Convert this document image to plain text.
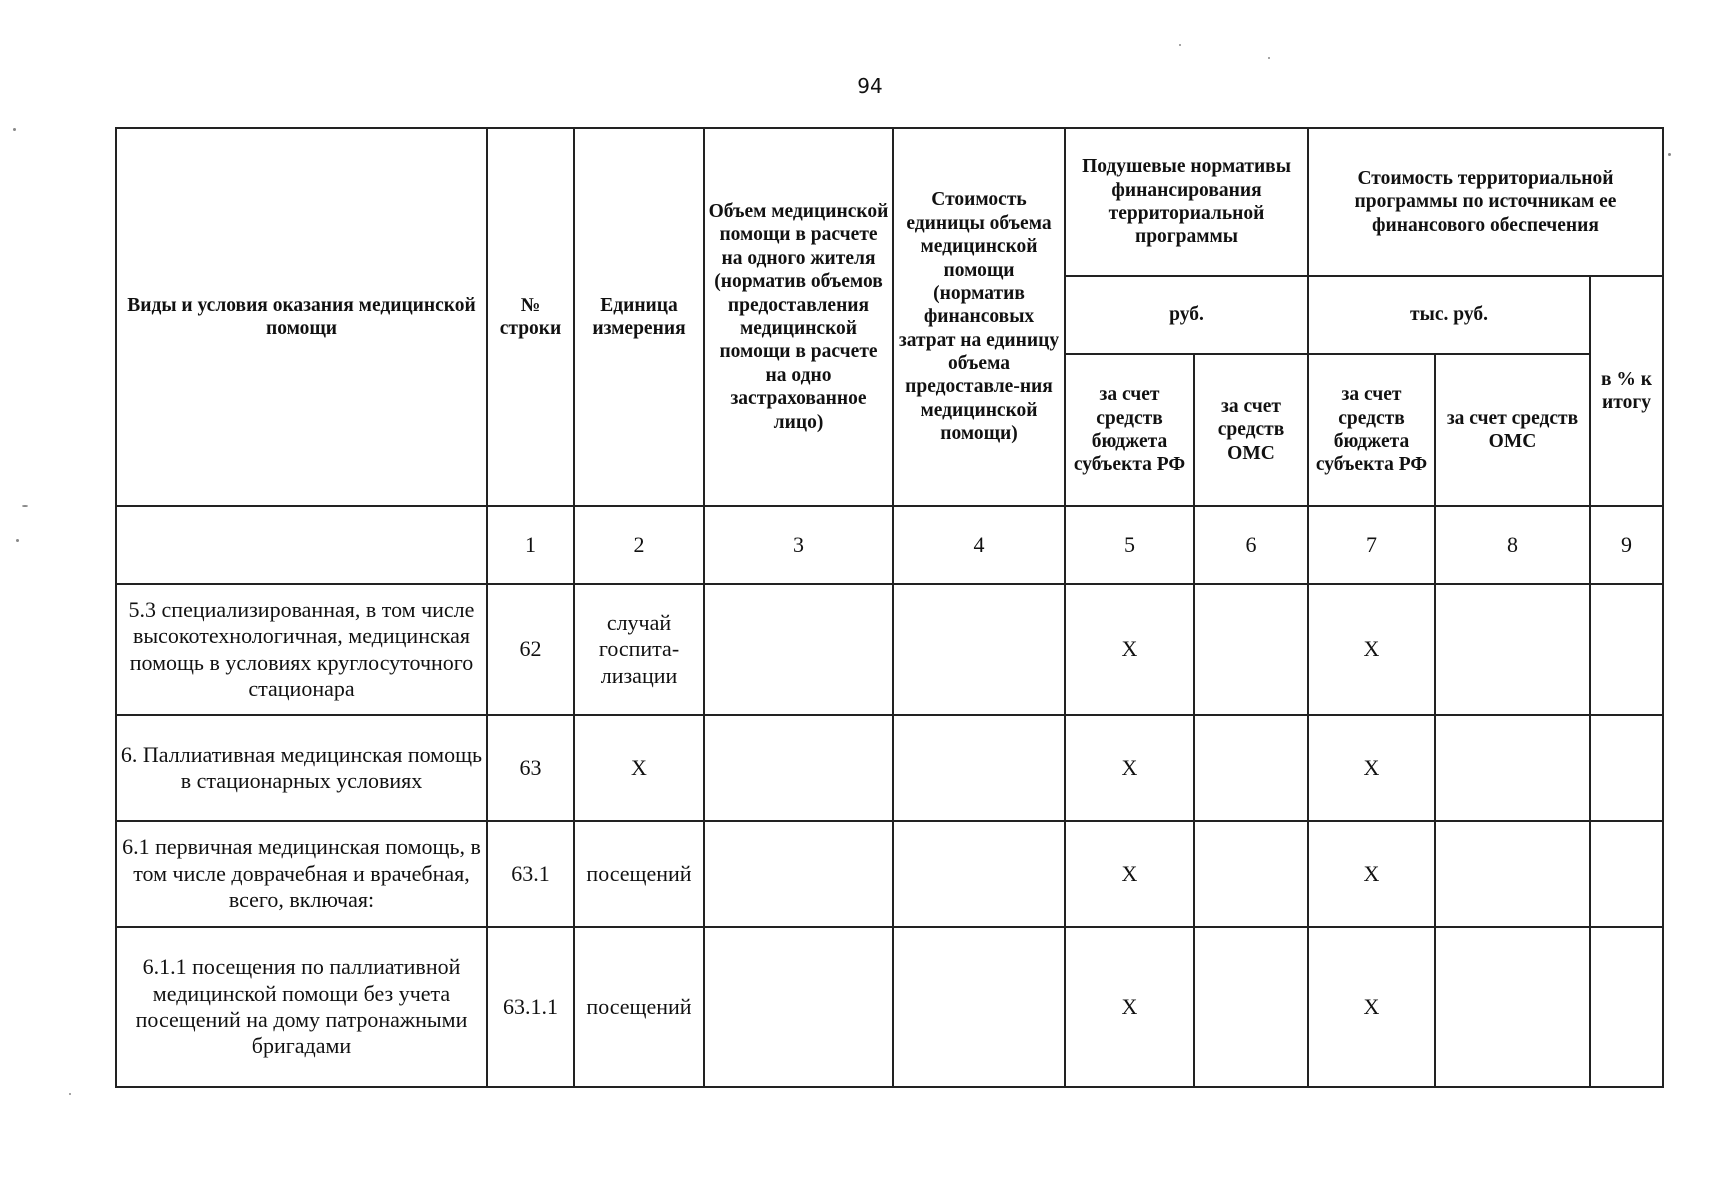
94
Виды и условия оказания медицинской помощи	№ строки	Единица измерения	Объем медицинской помощи в расчете на одного жителя (норматив объемов предоставления медицинской помощи в расчете на одно застрахованное лицо)	Стоимость единицы объема медицинской помощи (норматив финансовых затрат на единицу объема предоставле-ния медицинской помощи)	Подушевые нормативы финансирования территориальной программы		Стоимость территориальной программы по источникам ее финансового обеспечения		
					руб.		тыс. руб.		в % к итогу
					за счет средств бюджета субъекта РФ	за счет средств ОМС	за счет средств бюджета субъекта РФ	за счет средств ОМС	
	1	2	3	4	5	6	7	8	9
5.3 специализированная, в том числе высокотехнологичная, медицинская помощь в условиях круглосуточного стационара	62	случай госпита-лизации			Х		Х		
6. Паллиативная медицинская помощь в стационарных условиях	63	Х			Х		Х		
6.1 первичная медицинская помощь, в том числе доврачебная и врачебная, всего, включая:	63.1	посещений			Х		Х		
6.1.1 посещения по паллиативной медицинской помощи без учета посещений на дому патронажными бригадами	63.1.1	посещений			Х		Х		
